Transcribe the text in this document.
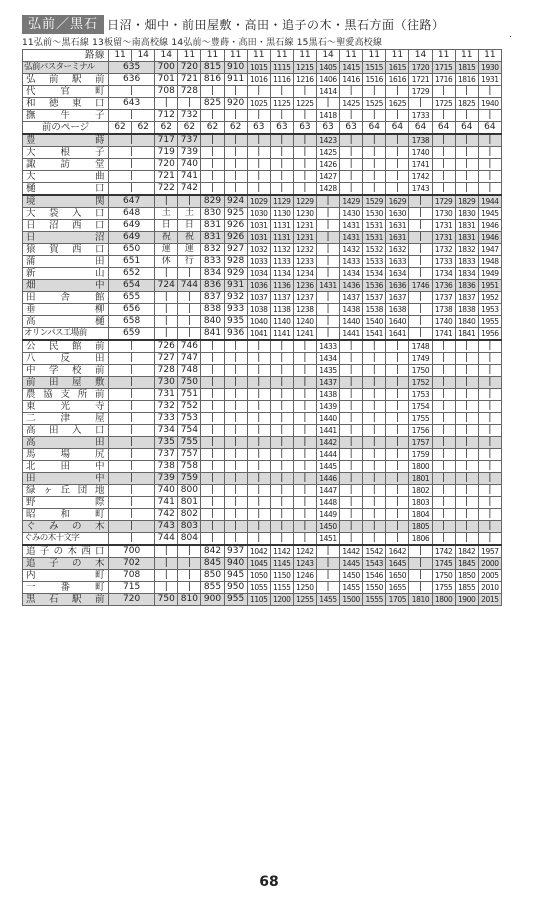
弘前／黒石 日沼・畑中・前田屋敷・高田・追子の木・黒石方面（往路）
11弘前～黒石線 13板留～南高校線 14弘前～豊蒔・高田・黒石線 15黒石～聖愛高校線
.
路線	11	14	14	11	11	11	11	11	11	14	11	11	11	14	11	11	11
弘前バスターミナル	635		700	720	815	910	1015	1115	1215	1405	1415	1515	1615	1720	1715	1815	1930
弘前駅前	636		701	721	816	911	1016	1116	1216	1406	1416	1516	1616	1721	1716	1816	1931
代官町	|		708	728	|	|	|	|	|	1414	|	|	|	1729	|	|	|
和徳東口	643		|	|	825	920	1025	1125	1225	|	1425	1525	1625	|	1725	1825	1940
撫牛子	|		712	732	|	|	|	|	|	1418	|	|	|	1733	|	|	|
前のページ	62	62	62	62	62	62	63	63	63	63	63	64	64	64	64	64	64
豊蒔	|		717	737	|	|	|	|	|	1423	|	|	|	1738	|	|	|
大根子	|		719	739	|	|	|	|	|	1425	|	|	|	1740	|	|	|
諏訪堂	|		720	740	|	|	|	|	|	1426	|	|	|	1741	|	|	|
大曲	|		721	741	|	|	|	|	|	1427	|	|	|	1742	|	|	|
樋口	|		722	742	|	|	|	|	|	1428	|	|	|	1743	|	|	|
境関	647		|	|	829	924	1029	1129	1229	|	1429	1529	1629	|	1729	1829	1944
大袋入口	648		土	土	830	925	1030	1130	1230	|	1430	1530	1630	|	1730	1830	1945
日沼西口	649		日	日	831	926	1031	1131	1231	|	1431	1531	1631	|	1731	1831	1946
日沼	649		祝	祝	831	926	1031	1131	1231	|	1431	1531	1631	|	1731	1831	1946
猿賀西口	650		運	運	832	927	1032	1132	1232	|	1432	1532	1632	|	1732	1832	1947
蒲田	651		休	行	833	928	1033	1133	1233	|	1433	1533	1633	|	1733	1833	1948
新山	652		|	|	834	929	1034	1134	1234	|	1434	1534	1634	|	1734	1834	1949
畑中	654		724	744	836	931	1036	1136	1236	1431	1436	1536	1636	1746	1736	1836	1951
田舎館	655		|	|	837	932	1037	1137	1237	|	1437	1537	1637	|	1737	1837	1952
垂柳	656		|	|	838	933	1038	1138	1238	|	1438	1538	1638	|	1738	1838	1953
高樋	658		|	|	840	935	1040	1140	1240	|	1440	1540	1640	|	1740	1840	1955
オリンパス工場前	659		|	|	841	936	1041	1141	1241	|	1441	1541	1641	|	1741	1841	1956
公民館前	|		726	746	|	|	|	|	|	1433	|	|	|	1748	|	|	|
八反田	|		727	747	|	|	|	|	|	1434	|	|	|	1749	|	|	|
中学校前	|		728	748	|	|	|	|	|	1435	|	|	|	1750	|	|	|
前田屋敷	|		730	750	|	|	|	|	|	1437	|	|	|	1752	|	|	|
農協支所前	|		731	751	|	|	|	|	|	1438	|	|	|	1753	|	|	|
東光寺	|		732	752	|	|	|	|	|	1439	|	|	|	1754	|	|	|
二津屋	|		733	753	|	|	|	|	|	1440	|	|	|	1755	|	|	|
高田入口	|		734	754	|	|	|	|	|	1441	|	|	|	1756	|	|	|
高田	|		735	755	|	|	|	|	|	1442	|	|	|	1757	|	|	|
馬場尻	|		737	757	|	|	|	|	|	1444	|	|	|	1759	|	|	|
北田中	|		738	758	|	|	|	|	|	1445	|	|	|	1800	|	|	|
田中	|		739	759	|	|	|	|	|	1446	|	|	|	1801	|	|	|
緑ヶ丘団地	|		740	800	|	|	|	|	|	1447	|	|	|	1802	|	|	|
野際	|		741	801	|	|	|	|	|	1448	|	|	|	1803	|	|	|
昭和町	|		742	802	|	|	|	|	|	1449	|	|	|	1804	|	|	|
ぐみの木	|		743	803	|	|	|	|	|	1450	|	|	|	1805	|	|	|
ぐみの木十文字	|		744	804	|	|	|	|	|	1451	|	|	|	1806	|	|	|
追子の木西口	700		|	|	842	937	1042	1142	1242	|	1442	1542	1642	|	1742	1842	1957
追子の木	702		|	|	845	940	1045	1145	1243	|	1445	1543	1645	|	1745	1845	2000
内町	708		|	|	850	945	1050	1150	1246	|	1450	1546	1650	|	1750	1850	2005
一番町	715		|	|	855	950	1055	1155	1250	|	1455	1550	1655	|	1755	1855	2010
黒石駅前	720		750	810	900	955	1105	1200	1255	1455	1500	1555	1705	1810	1800	1900	2015
68
